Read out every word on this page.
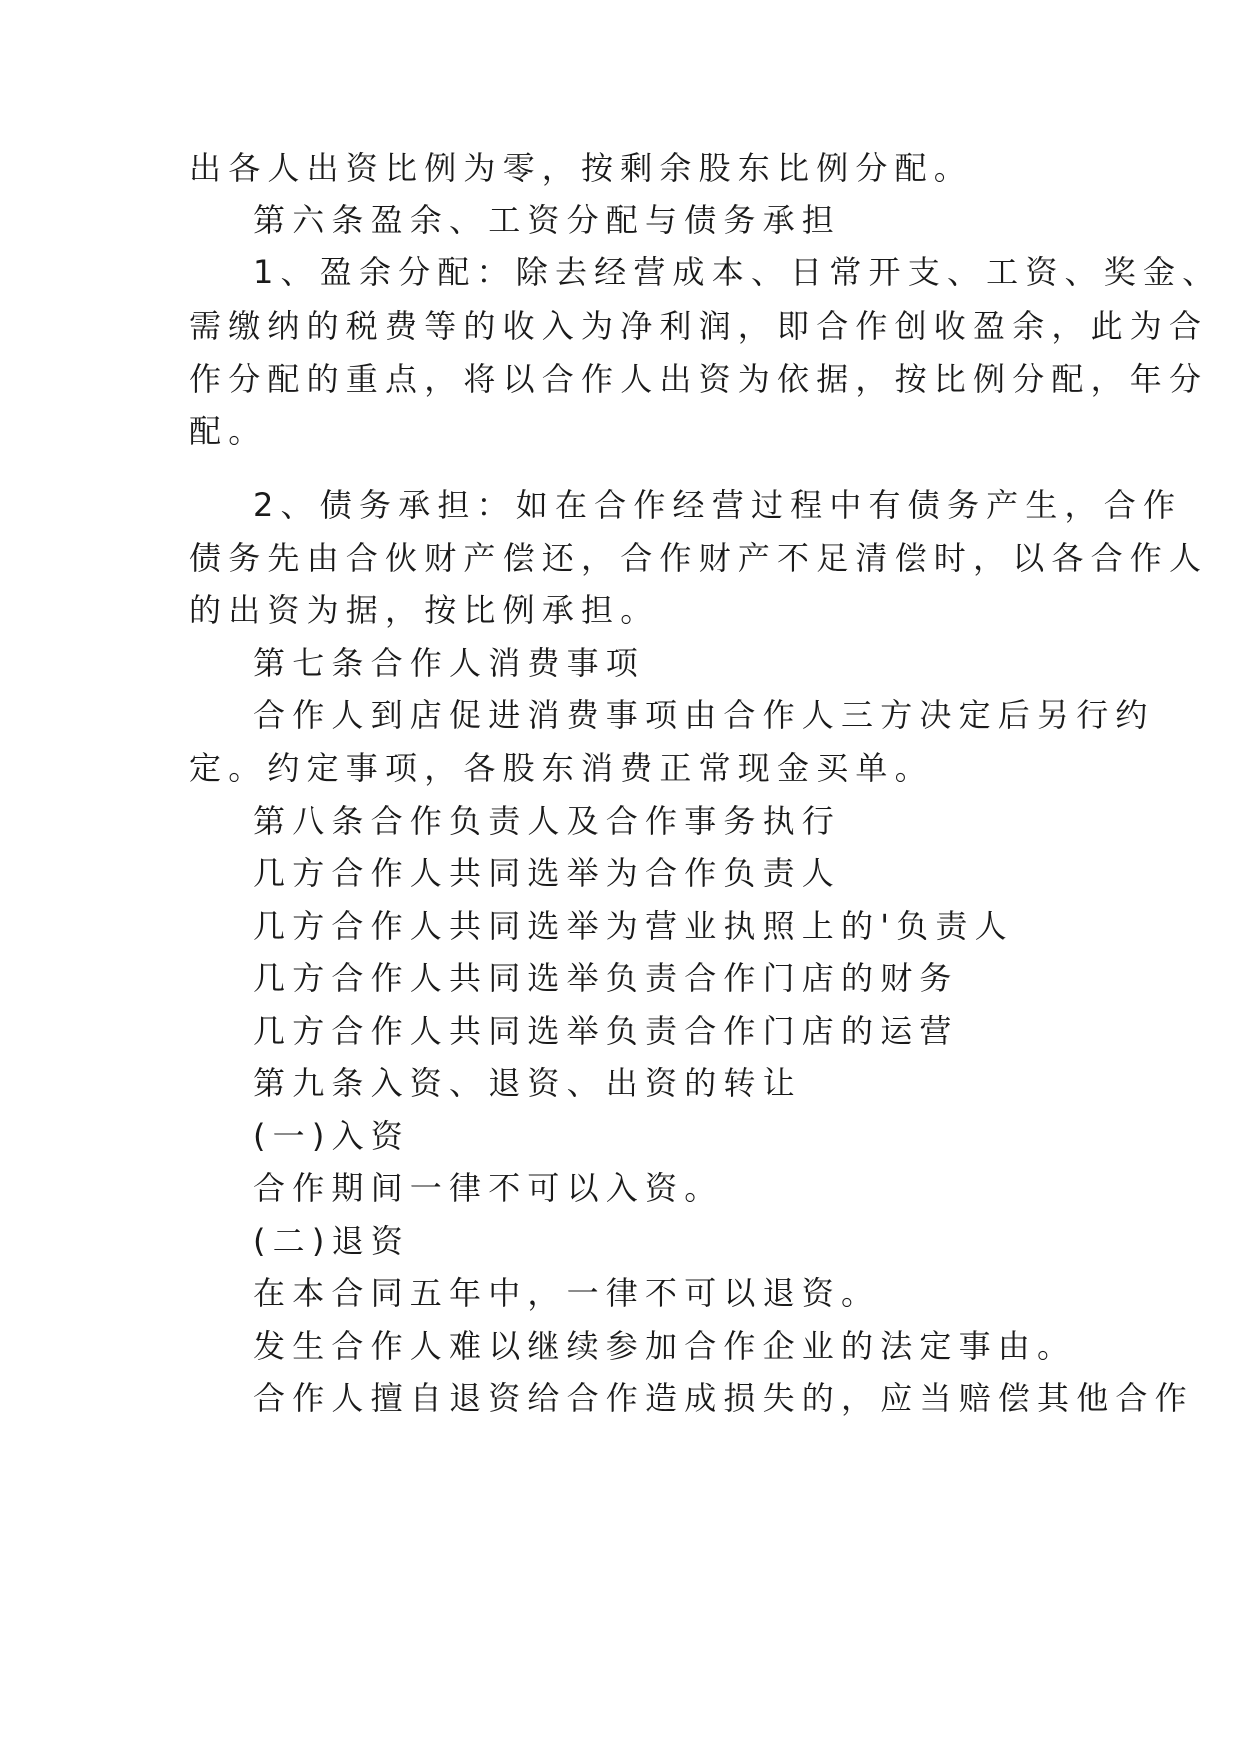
出各人出资比例为零，按剩余股东比例分配。

第六条盈余、工资分配与债务承担

1、盈余分配：除去经营成本、日常开支、工资、奖金、

需缴纳的税费等的收入为净利润，即合作创收盈余，此为合

作分配的重点，将以合作人出资为依据，按比例分配，年分

配。

2、债务承担：如在合作经营过程中有债务产生，合作

债务先由合伙财产偿还，合作财产不足清偿时，以各合作人

的出资为据，按比例承担。

第七条合作人消费事项

合作人到店促进消费事项由合作人三方决定后另行约

定。约定事项，各股东消费正常现金买单。

第八条合作负责人及合作事务执行

几方合作人共同选举为合作负责人

几方合作人共同选举为营业执照上的'负责人

几方合作人共同选举负责合作门店的财务

几方合作人共同选举负责合作门店的运营

第九条入资、退资、出资的转让

(一)入资

合作期间一律不可以入资。

(二)退资

在本合同五年中，一律不可以退资。

发生合作人难以继续参加合作企业的法定事由。

合作人擅自退资给合作造成损失的，应当赔偿其他合作
